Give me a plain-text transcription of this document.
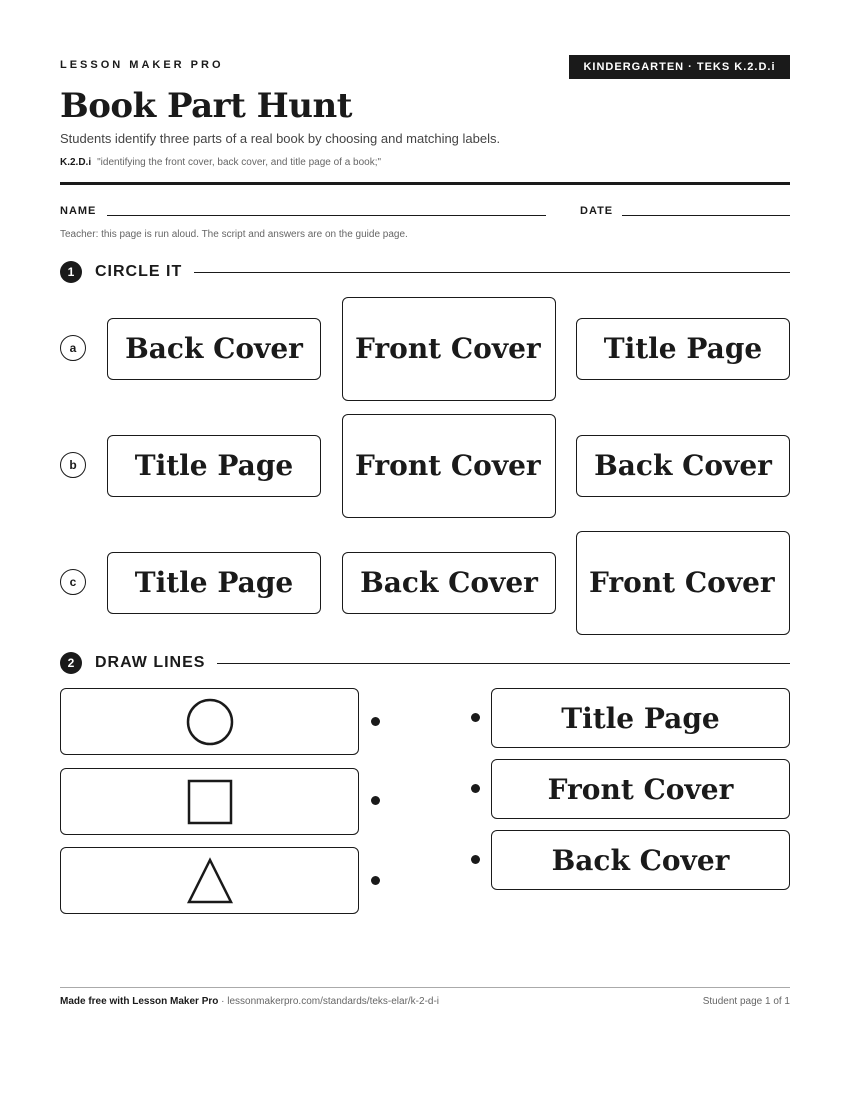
LESSON MAKER PRO	KINDERGARTEN · TEKS K.2.D.i
Book Part Hunt
Students identify three parts of a real book by choosing and matching labels.
K.2.D.i "identifying the front cover, back cover, and title page of a book;"
NAME	DATE
Teacher: this page is run aloud. The script and answers are on the guide page.
1	CIRCLE IT
a	Back Cover	Front Cover	Title Page
b	Title Page	Front Cover	Back Cover
c	Title Page	Back Cover	Front Cover
2	DRAW LINES
Title Page
Front Cover
Back Cover
Made free with Lesson Maker Pro · lessonmakerpro.com/standards/teks-elar/k-2-d-i	Student page 1 of 1
